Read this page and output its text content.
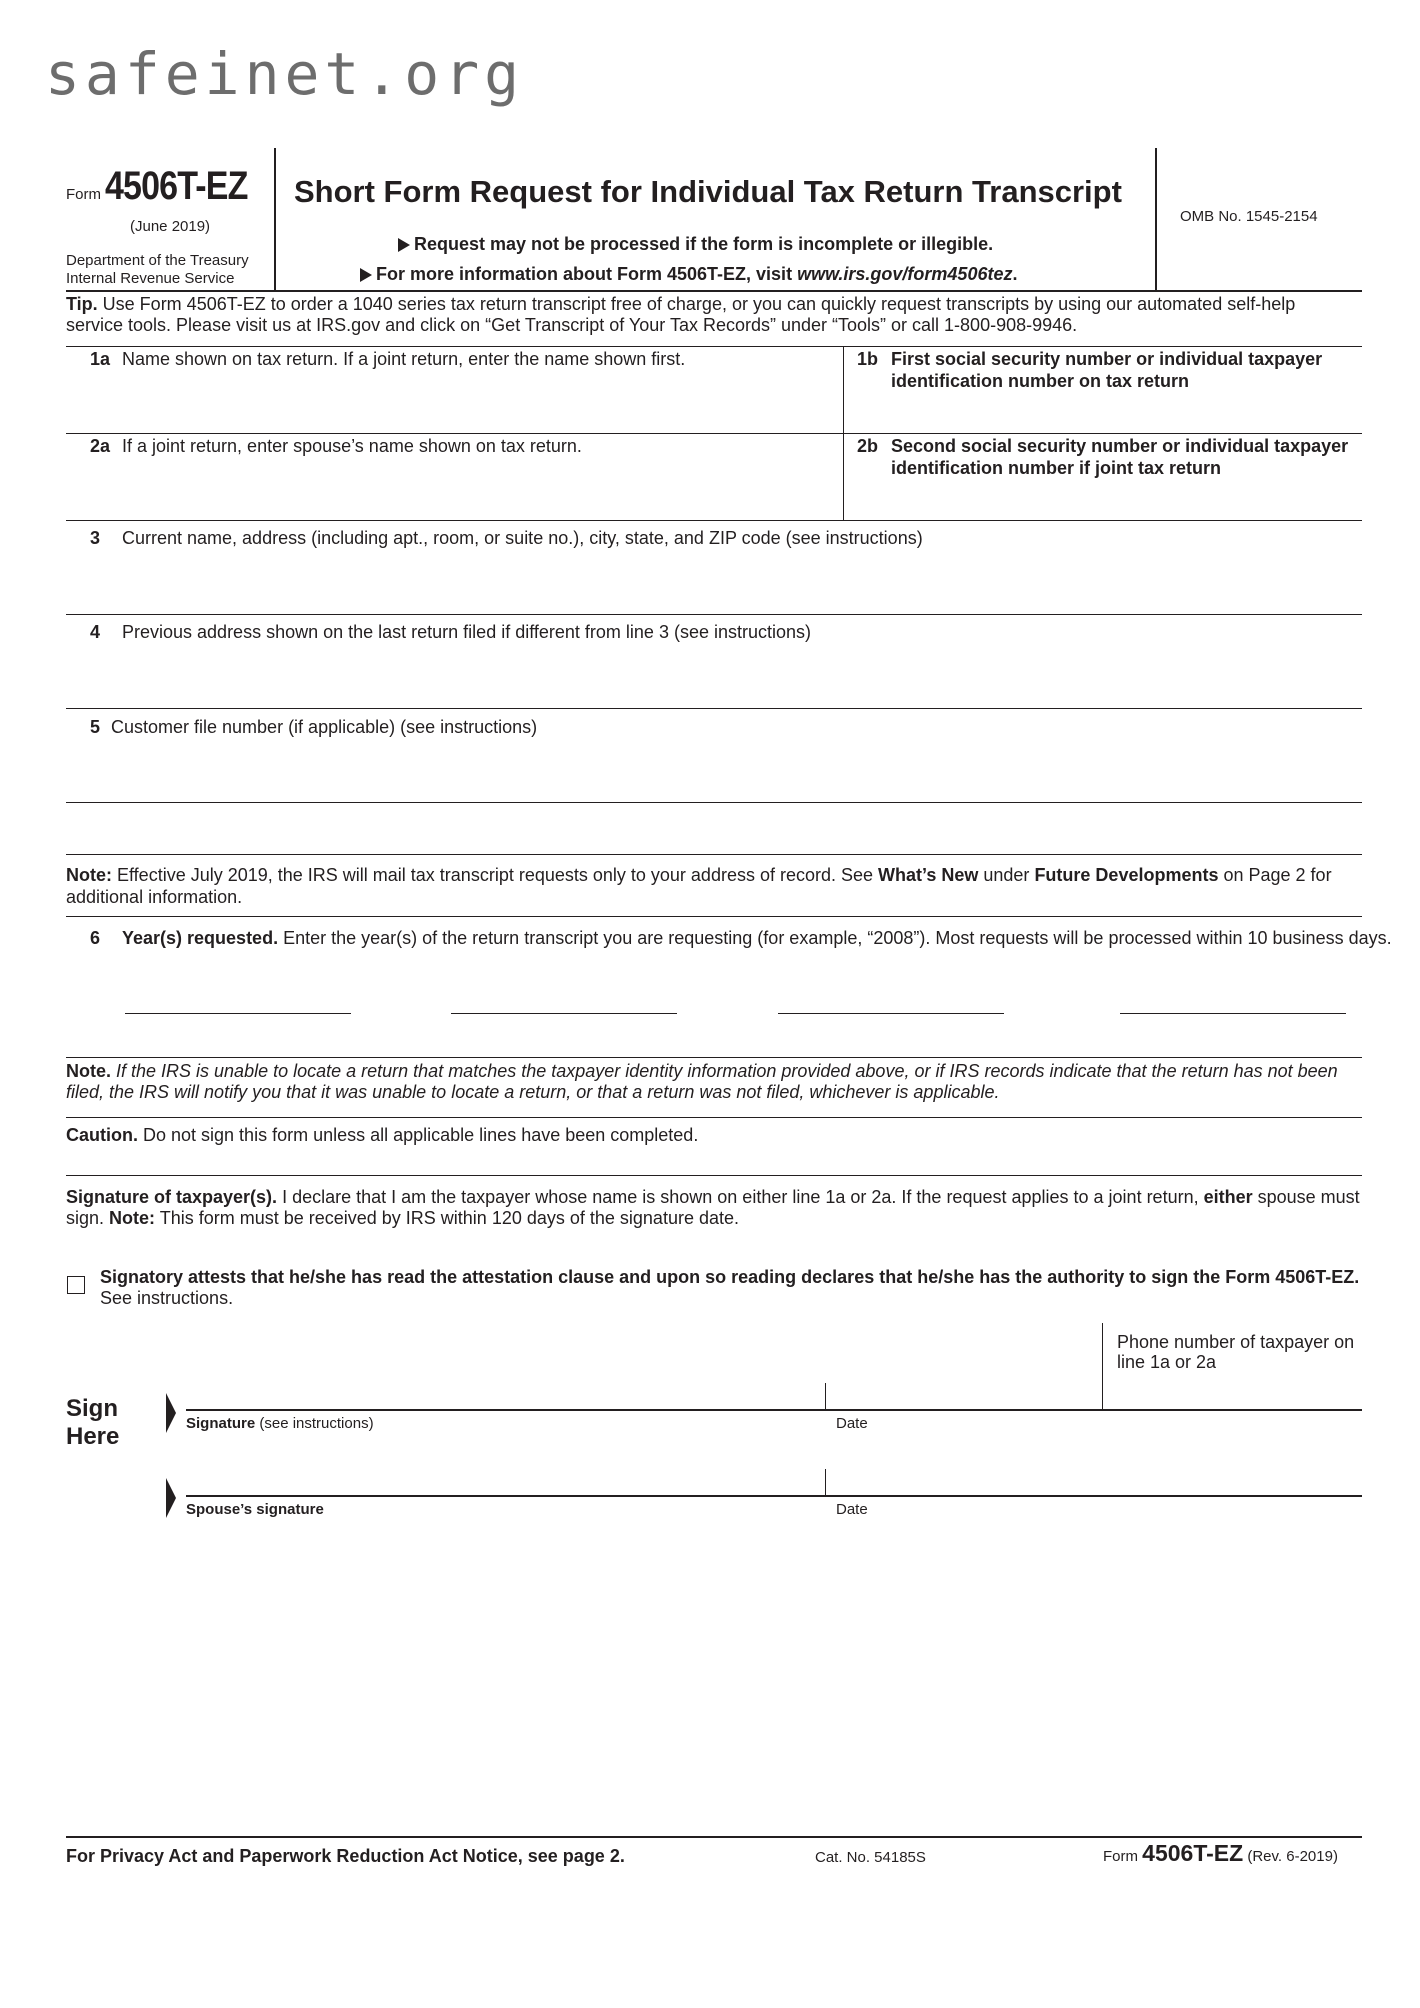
safeinet.org
Form 4506T-EZ
(June 2019)
Department of the Treasury
Internal Revenue Service
Short Form Request for Individual Tax Return Transcript
Request may not be processed if the form is incomplete or illegible.
For more information about Form 4506T-EZ, visit www.irs.gov/form4506tez.
OMB No. 1545-2154
Tip. Use Form 4506T-EZ to order a 1040 series tax return transcript free of charge, or you can quickly request transcripts by using our automated self-help service tools. Please visit us at IRS.gov and click on “Get Transcript of Your Tax Records” under “Tools” or call 1-800-908-9946.
1a Name shown on tax return. If a joint return, enter the name shown first.	1b First social security number or individual taxpayer identification number on tax return
2a If a joint return, enter spouse’s name shown on tax return.	2b Second social security number or individual taxpayer identification number if joint tax return
3 Current name, address (including apt., room, or suite no.), city, state, and ZIP code (see instructions)
4 Previous address shown on the last return filed if different from line 3 (see instructions)
5 Customer file number (if applicable) (see instructions)
Note: Effective July 2019, the IRS will mail tax transcript requests only to your address of record. See What’s New under Future Developments on Page 2 for additional information.
6 Year(s) requested. Enter the year(s) of the return transcript you are requesting (for example, “2008”). Most requests will be processed within 10 business days.
Note. If the IRS is unable to locate a return that matches the taxpayer identity information provided above, or if IRS records indicate that the return has not been filed, the IRS will notify you that it was unable to locate a return, or that a return was not filed, whichever is applicable.
Caution. Do not sign this form unless all applicable lines have been completed.
Signature of taxpayer(s). I declare that I am the taxpayer whose name is shown on either line 1a or 2a. If the request applies to a joint return, either spouse must sign. Note: This form must be received by IRS within 120 days of the signature date.
Signatory attests that he/she has read the attestation clause and upon so reading declares that he/she has the authority to sign the Form 4506T-EZ. See instructions.
Phone number of taxpayer on line 1a or 2a
Sign
Here	Signature (see instructions)	Date
Spouse’s signature	Date
For Privacy Act and Paperwork Reduction Act Notice, see page 2.	Cat. No. 54185S	Form 4506T-EZ (Rev. 6-2019)
